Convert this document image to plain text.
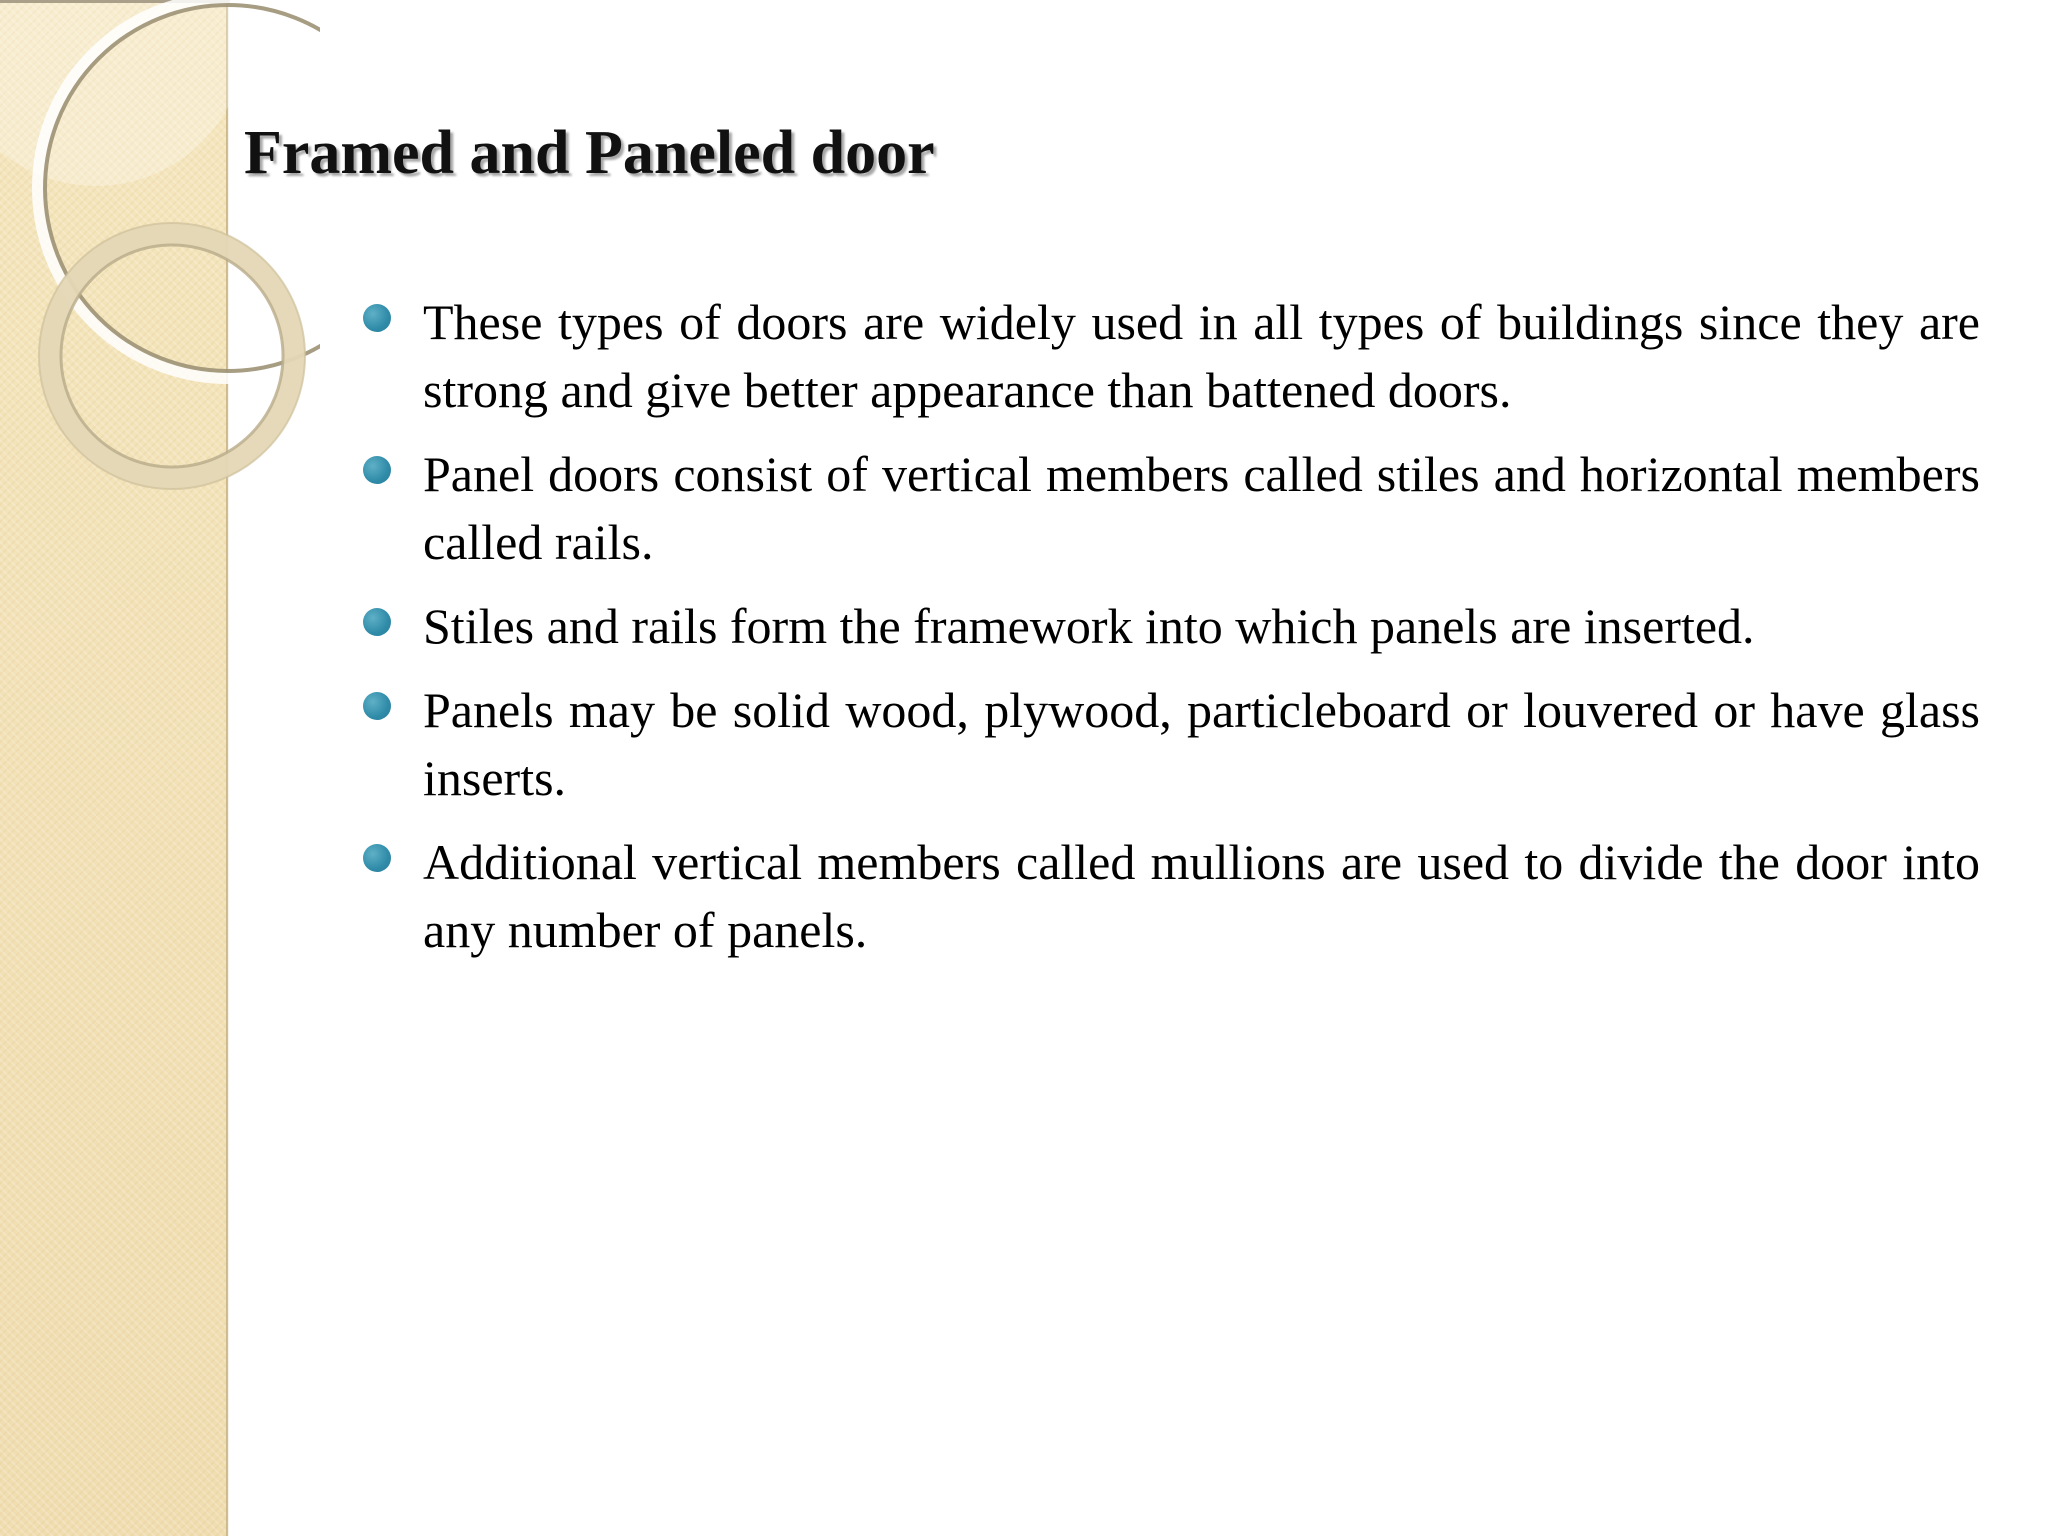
Framed and Paneled door
These types of doors are widely used in all types of buildings since they are strong and give better appearance than battened doors.
Panel doors consist of vertical members called stiles and horizontal members called rails.
Stiles and rails form the framework into which panels are inserted.
Panels may be solid wood, plywood, particleboard or louvered or have glass inserts.
Additional vertical members called mullions are used to divide the door into any number of panels.
